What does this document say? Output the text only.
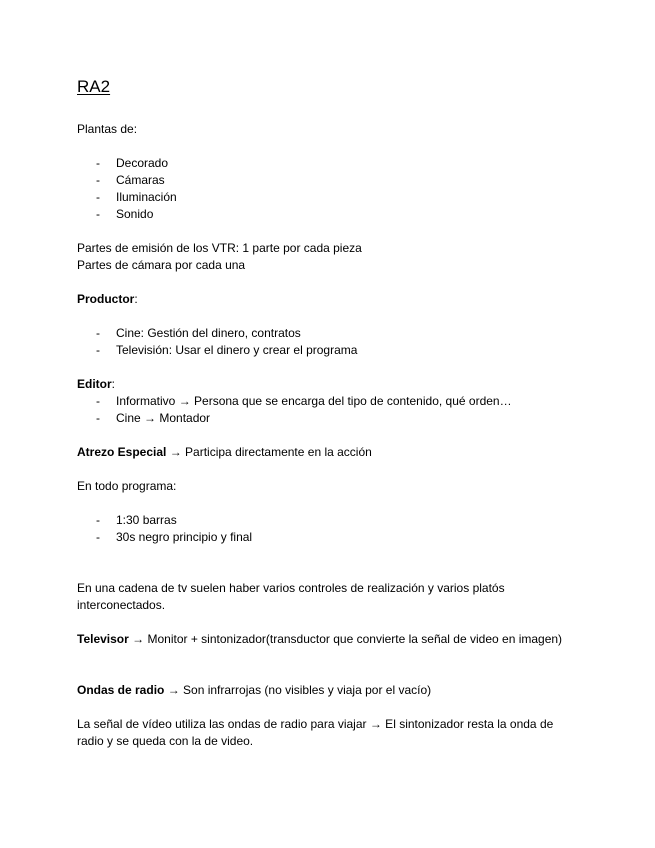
RA2

Plantas de:

- Decorado
- Cámaras
- Iluminación
- Sonido

Partes de emisión de los VTR: 1 parte por cada pieza

Partes de cámara por cada una

Productor:

- Cine: Gestión del dinero, contratos
- Televisión: Usar el dinero y crear el programa

Editor:

- Informativo → Persona que se encarga del tipo de contenido, qué orden…
- Cine → Montador

Atrezo Especial → Participa directamente en la acción

En todo programa:

- 1:30 barras
- 30s negro principio y final

En una cadena de tv suelen haber varios controles de realización y varios platós interconectados.

Televisor → Monitor + sintonizador(transductor que convierte la señal de video en imagen)

Ondas de radio → Son infrarrojas (no visibles y viaja por el vacío)

La señal de vídeo utiliza las ondas de radio para viajar → El sintonizador resta la onda de radio y se queda con la de video.
